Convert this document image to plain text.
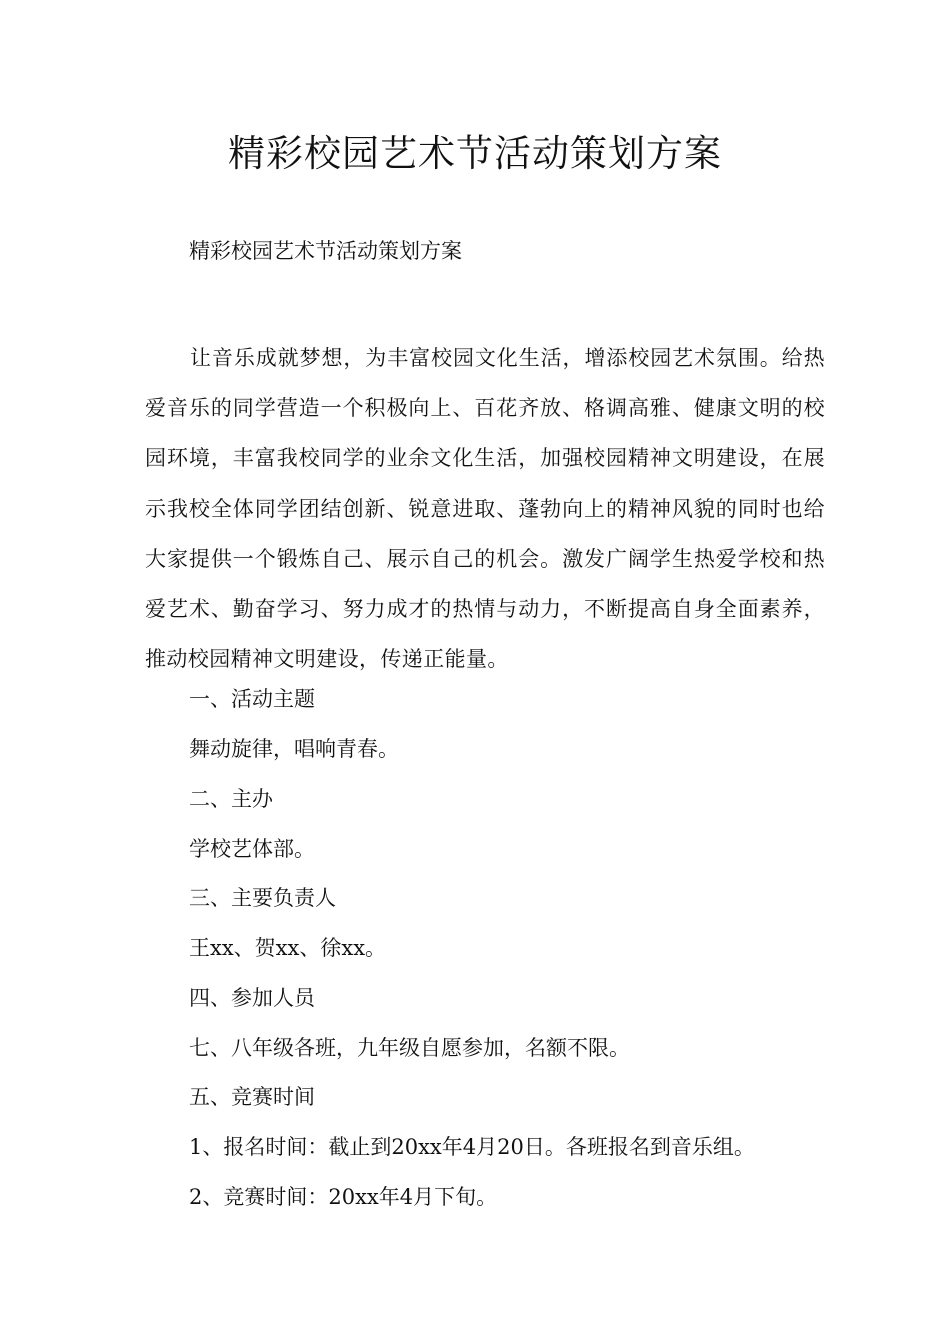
精彩校园艺术节活动策划方案

精彩校园艺术节活动策划方案

让音乐成就梦想，为丰富校园文化生活，增添校园艺术氛围。给热爱音乐的同学营造一个积极向上、百花齐放、格调高雅、健康文明的校园环境，丰富我校同学的业余文化生活，加强校园精神文明建设，在展示我校全体同学团结创新、锐意进取、蓬勃向上的精神风貌的同时也给大家提供一个锻炼自己、展示自己的机会。激发广阔学生热爱学校和热爱艺术、勤奋学习、努力成才的热情与动力，不断提高自身全面素养，推动校园精神文明建设，传递正能量。

一、活动主题

舞动旋律，唱响青春。

二、主办

学校艺体部。

三、主要负责人

王xx、贺xx、徐xx。

四、参加人员

七、八年级各班，九年级自愿参加，名额不限。

五、竞赛时间

1、报名时间：截止到20xx年4月20日。各班报名到音乐组。

2、竞赛时间：20xx年4月下旬。
